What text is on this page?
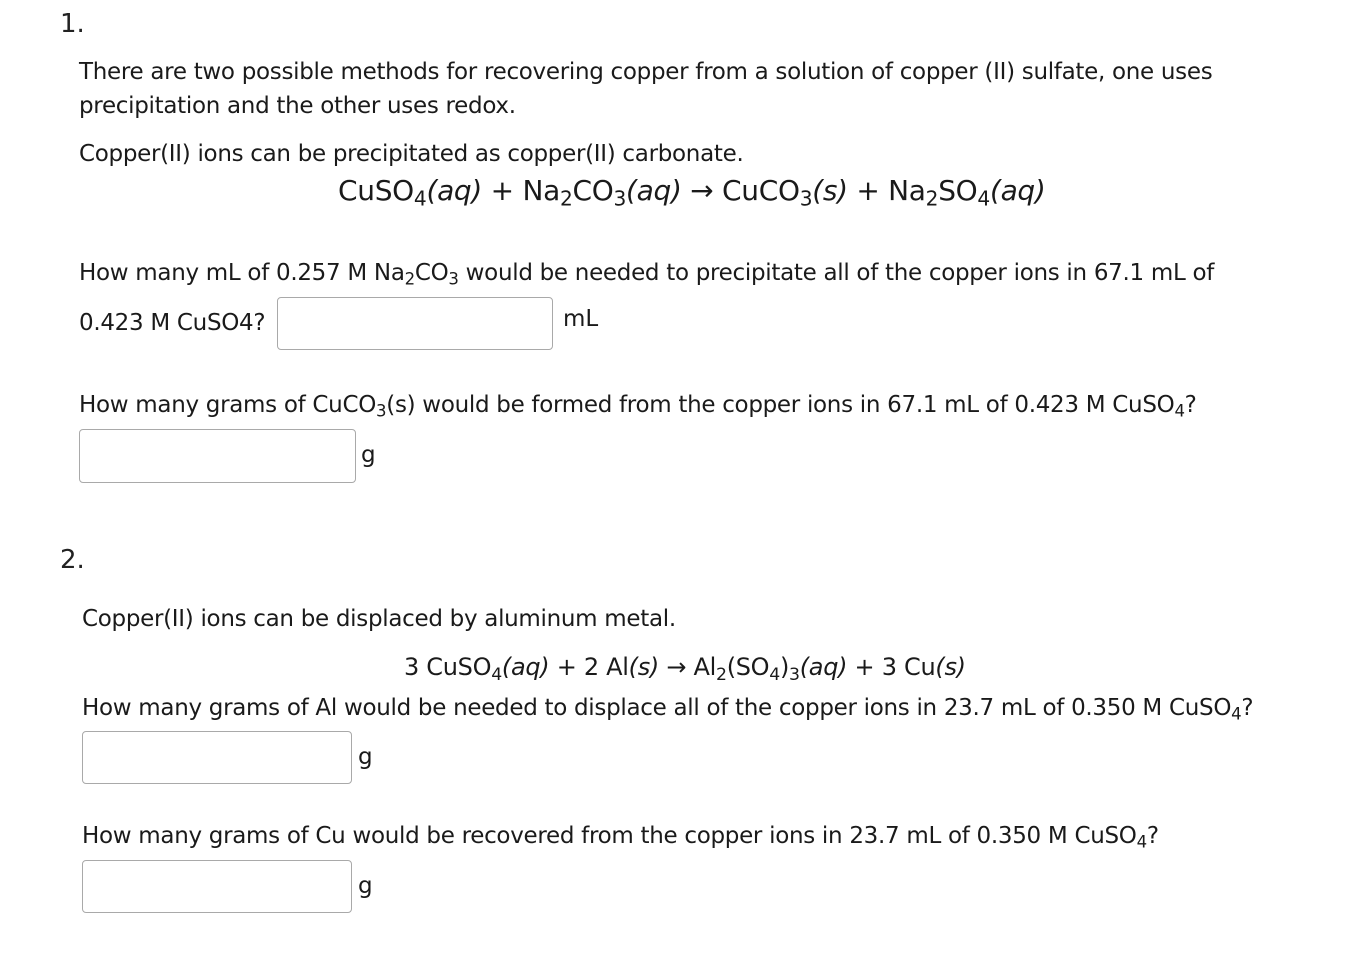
1.
There are two possible methods for recovering copper from a solution of copper (II) sulfate, one uses
precipitation and the other uses redox.
Copper(II) ions can be precipitated as copper(II) carbonate.
CuSO$_4$(aq) + $Na_2CO_3(aq)$ → CuCO$_3$(s) + $Na_2SO_4(aq)$
How many mL of 0.257 M $Na_2CO_3$ would be needed to precipitate all of the copper ions in 67.1 mL of
0.423 M CuSO4?	mL
How many grams of CuCO$_3$(s) would be formed from the copper ions in 67.1 mL of 0.423 M CuSO$_4$?
g
2.
Copper(II) ions can be displaced by aluminum metal.
3 CuSO$_4$(aq) + 2 $Al(s) \to Al_2(SO_4)_3(aq) + 3$ Cu(s)
How many grams of Al would be needed to displace all of the copper ions in 23.7 mL of 0.350 M CuSO$_4$?
g
How many grams of Cu would be recovered from the copper ions in 23.7 mL of 0.350 M CuSO$_4$?
g
